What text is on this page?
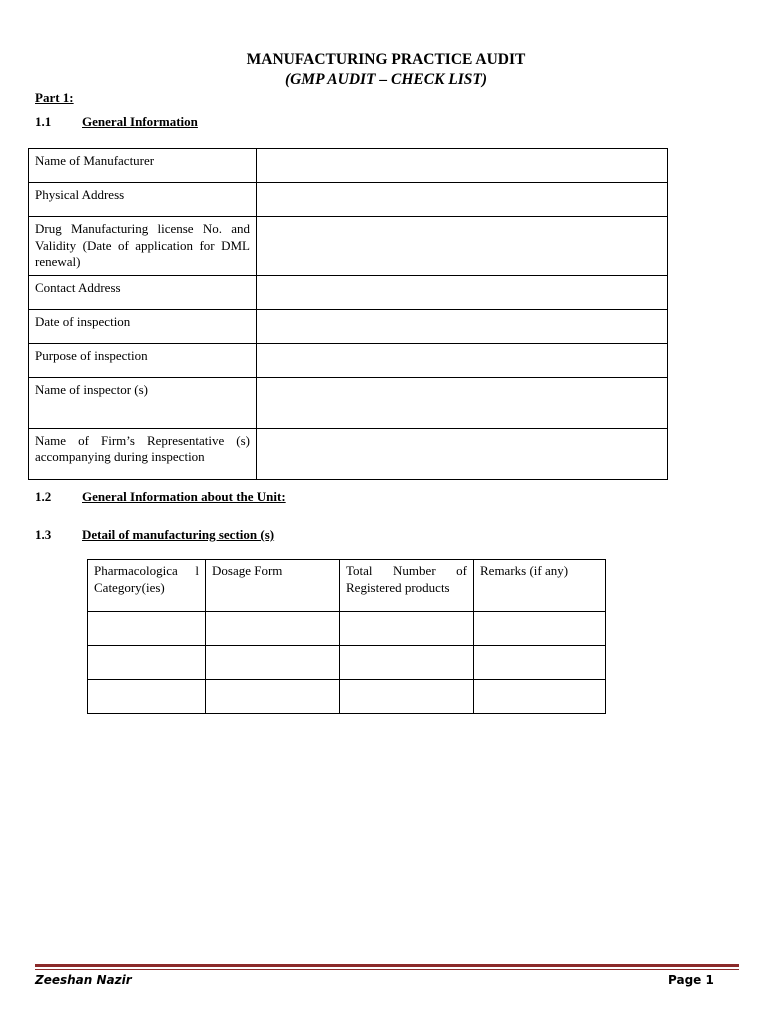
MANUFACTURING PRACTICE AUDIT
(GMP AUDIT – CHECK LIST)
Part 1:
1.1 General Information
Name of Manufacturer	
Physical Address	
Drug Manufacturing license No. and Validity (Date of application for DML renewal)	
Contact Address	
Date of inspection	
Purpose of inspection	
Name of inspector (s)	
Name of Firm’s Representative (s) accompanying during inspection	
1.2 General Information about the Unit:
1.3 Detail of manufacturing section (s)
Pharmacologica l Category(ies)	Dosage Form	Total Number of Registered products	Remarks (if any)

Zeeshan Nazir	Page 1
